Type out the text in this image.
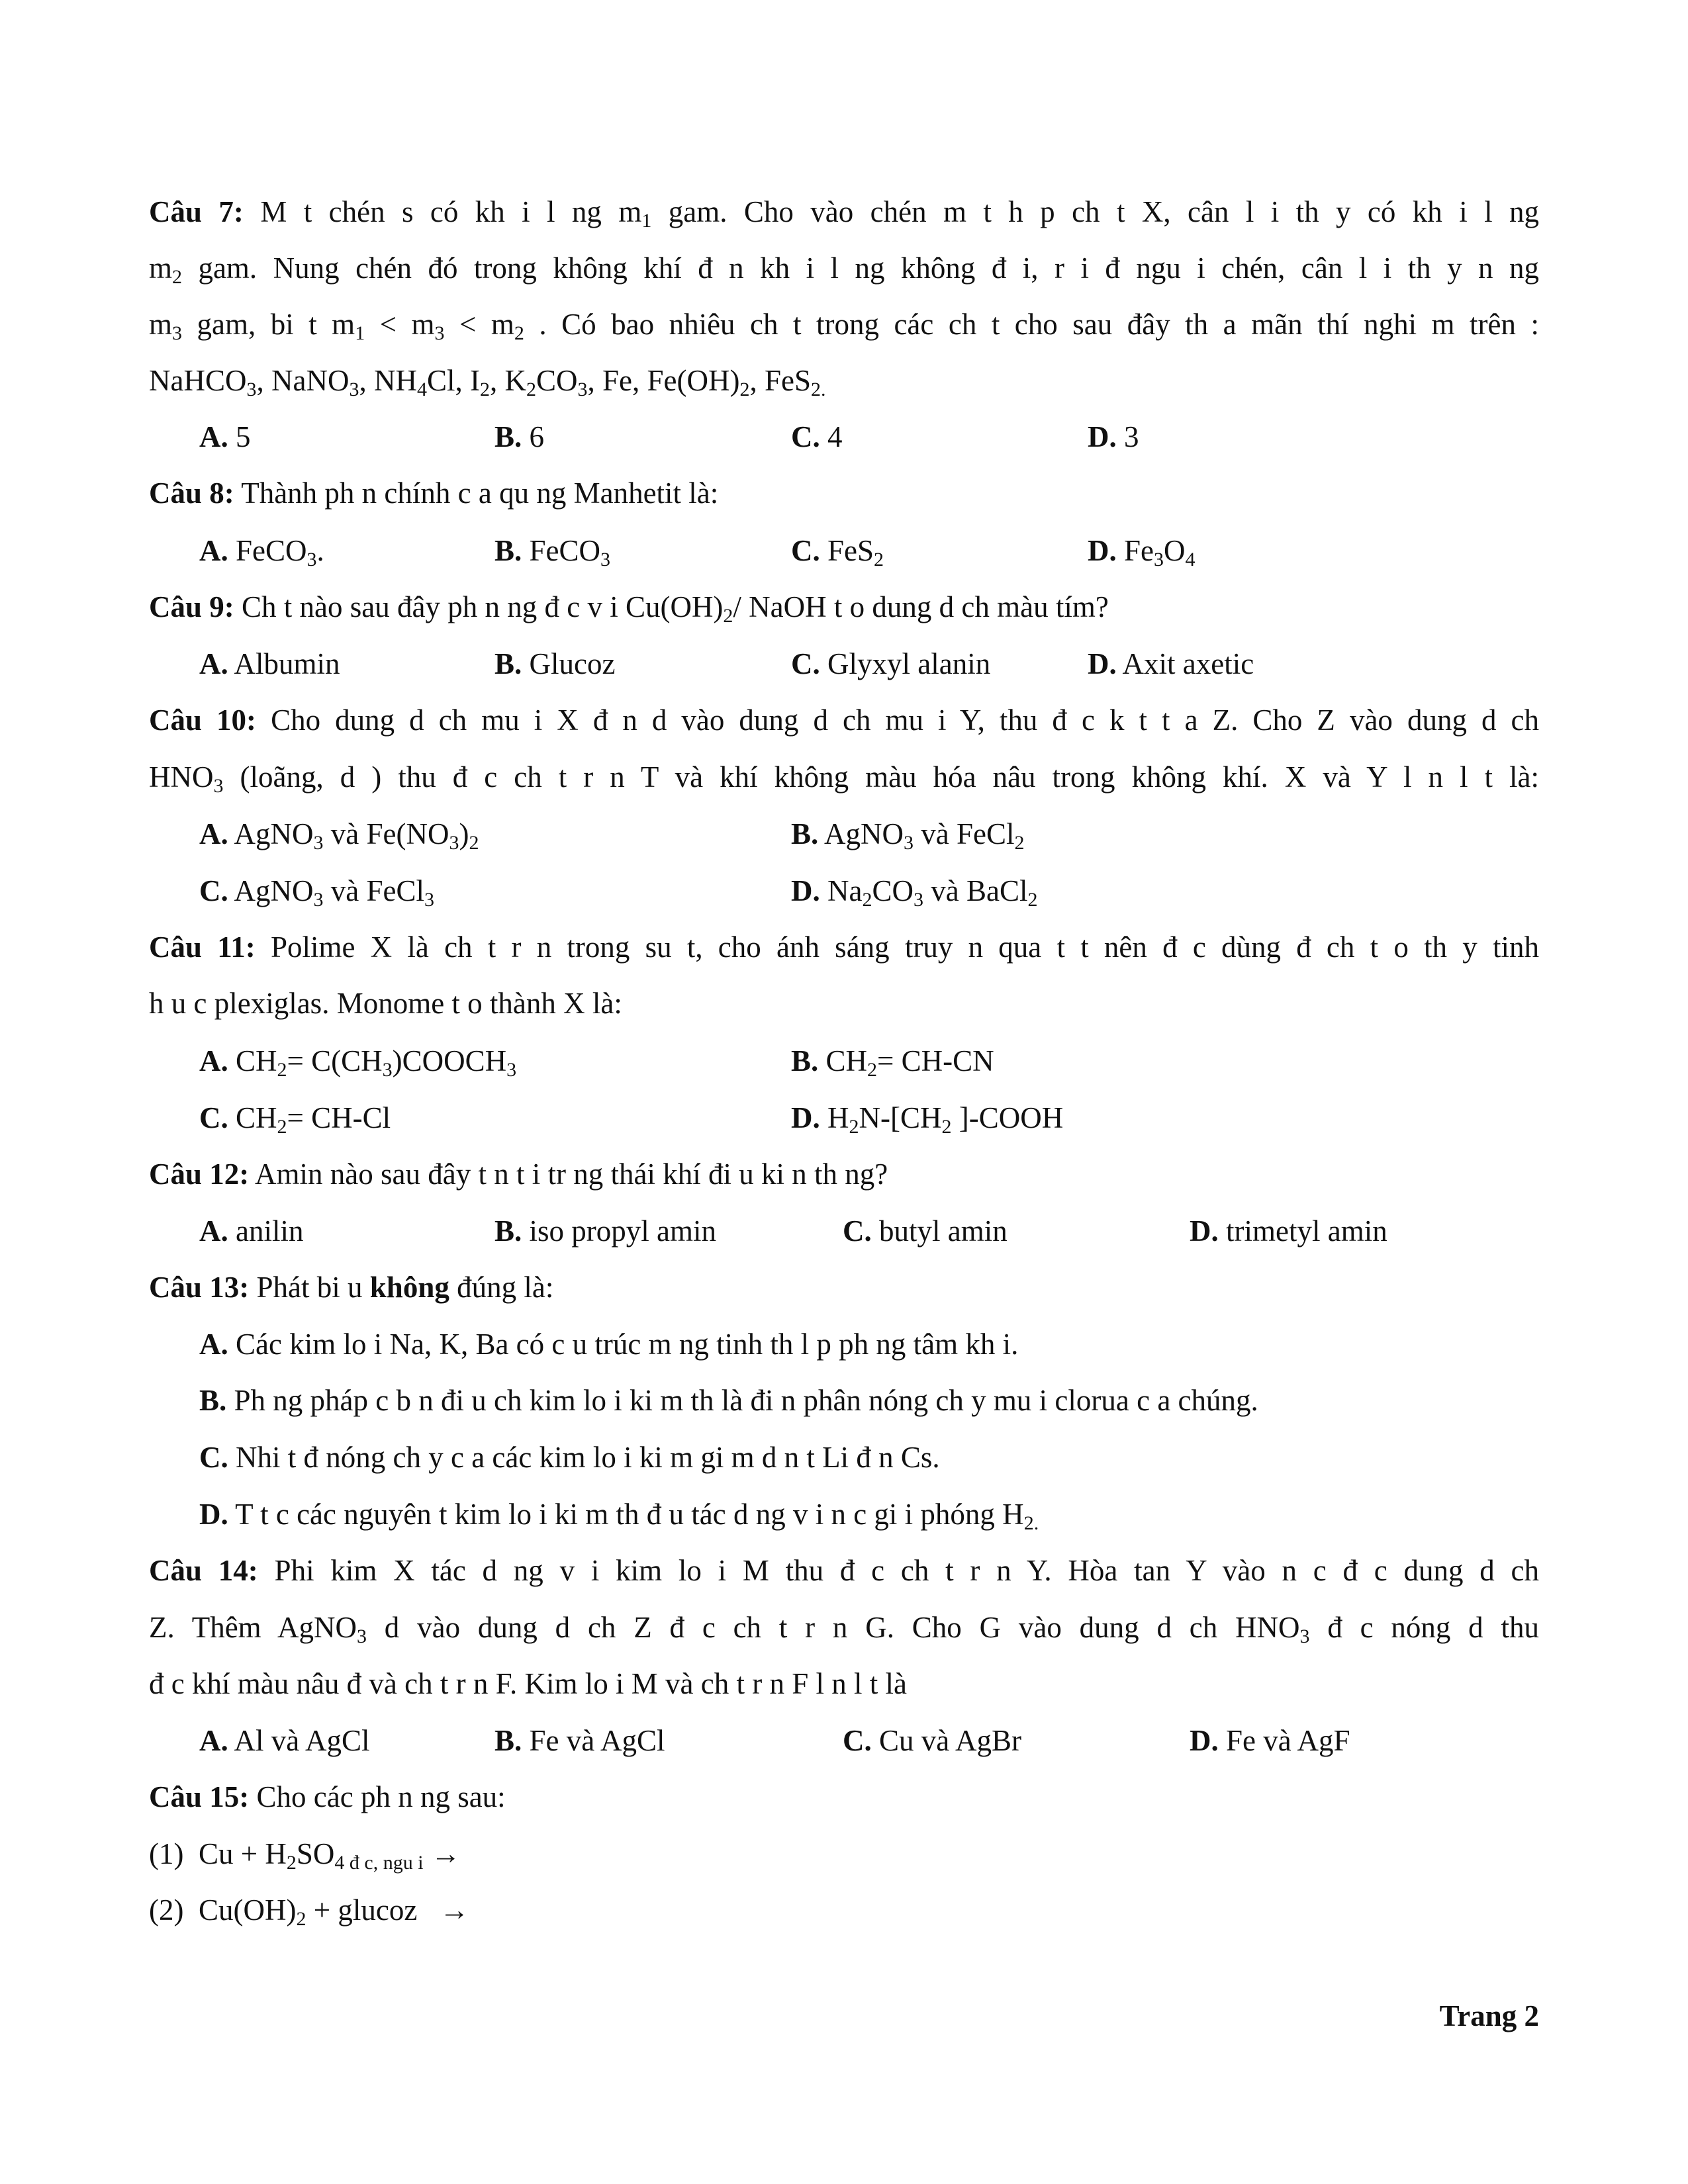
Câu 7: M t chén s có kh i l ng $m_1$ gam. Cho vào chén m t h p ch t X, cân l i th y có kh i l ng
$m_2$ gam. Nung chén đó trong không khí đ n kh i l ng không đ i, r i đ ngu i chén, cân l i th y n ng
$m_3$ gam, bi t $m_1 < m_3 < m_2$ . Có bao nhiêu ch t trong các ch t cho sau đây th a mãn thí nghi m trên :
NaHCO$_3$, NaNO$_3$, $NH_4Cl$, $I_2$, $K_2CO_3$, Fe, $Fe(OH)_2$, FeS$_{2.}$
A. 5	B. 6	C. 4	D. 3
Câu 8: Thành ph n chính c a qu ng Manhetit là:
A. FeCO$_3$.	B. FeCO$_3$	C. FeS$_2$	D. $Fe_3O_4$
Câu 9: Ch t nào sau đây ph n ng đ c v i $Cu(OH)_2/$ NaOH t o dung d ch màu tím?
A. Albumin	B. Glucoz	C. Glyxyl alanin	D. Axit axetic
Câu 10: Cho dung d ch mu i X đ n d vào dung d ch mu i Y, thu đ c k t t a Z. Cho Z vào dung d ch
$HNO_3$ (loãng, d ) thu đ c ch t r n T và khí không màu hóa nâu trong không khí. X và Y l n l t là:
A. AgNO$_3$ và $Fe(NO_3)_2$	B. AgNO$_3$ và FeCl$_2$
C. AgNO$_3$ và FeCl$_3$	D. $Na_2CO_3$ và BaCl$_2$
Câu 11: Polime X là ch t r n trong su t, cho ánh sáng truy n qua t t nên đ c dùng đ ch t o th y tinh
h u c plexiglas. Monome t o thành X là:
A. $CH_2=$ $C(CH_3)COOCH_3$	B. $CH_2= CH-CN$
C. $CH_2= CH-Cl$	D. $H_2N-[CH_2$ ]-COOH
Câu 12: Amin nào sau đây t n t i tr ng thái khí đi u ki n th ng?
A. anilin	B. iso propyl amin	C. butyl amin	D. trimetyl amin
Câu 13: Phát bi u không đúng là:
A. Các kim lo i Na, K, Ba có c u trúc m ng tinh th l p ph ng tâm kh i.
B. Ph ng pháp c b n đi u ch kim lo i ki m th là đi n phân nóng ch y mu i clorua c a chúng.
C. Nhi t đ nóng ch y c a các kim lo i ki m gi m d n t Li đ n Cs.
D. T t c các nguyên t kim lo i ki m th đ u tác d ng v i n c gi i phóng $H_{2.}$
Câu 14: Phi kim X tác d ng v i kim lo i M thu đ c ch t r n Y. Hòa tan Y vào n c đ c dung d ch
Z. Thêm AgNO$_3$ d vào dung d ch Z đ c ch t r n G. Cho G vào dung d ch $HNO_3$ đ c nóng d thu
đ c khí màu nâu đ và ch t r n F. Kim lo i M và ch t r n F l n l t là
A. Al và AgCl	B. Fe và AgCl	C. Cu và AgBr	D. Fe và AgF
Câu 15: Cho các ph n ng sau:
(1) $Cu + H_2SO_{4 đ c, ngu i}$ →
(2) $Cu(OH)_2$ + glucoz   →
Trang 2
